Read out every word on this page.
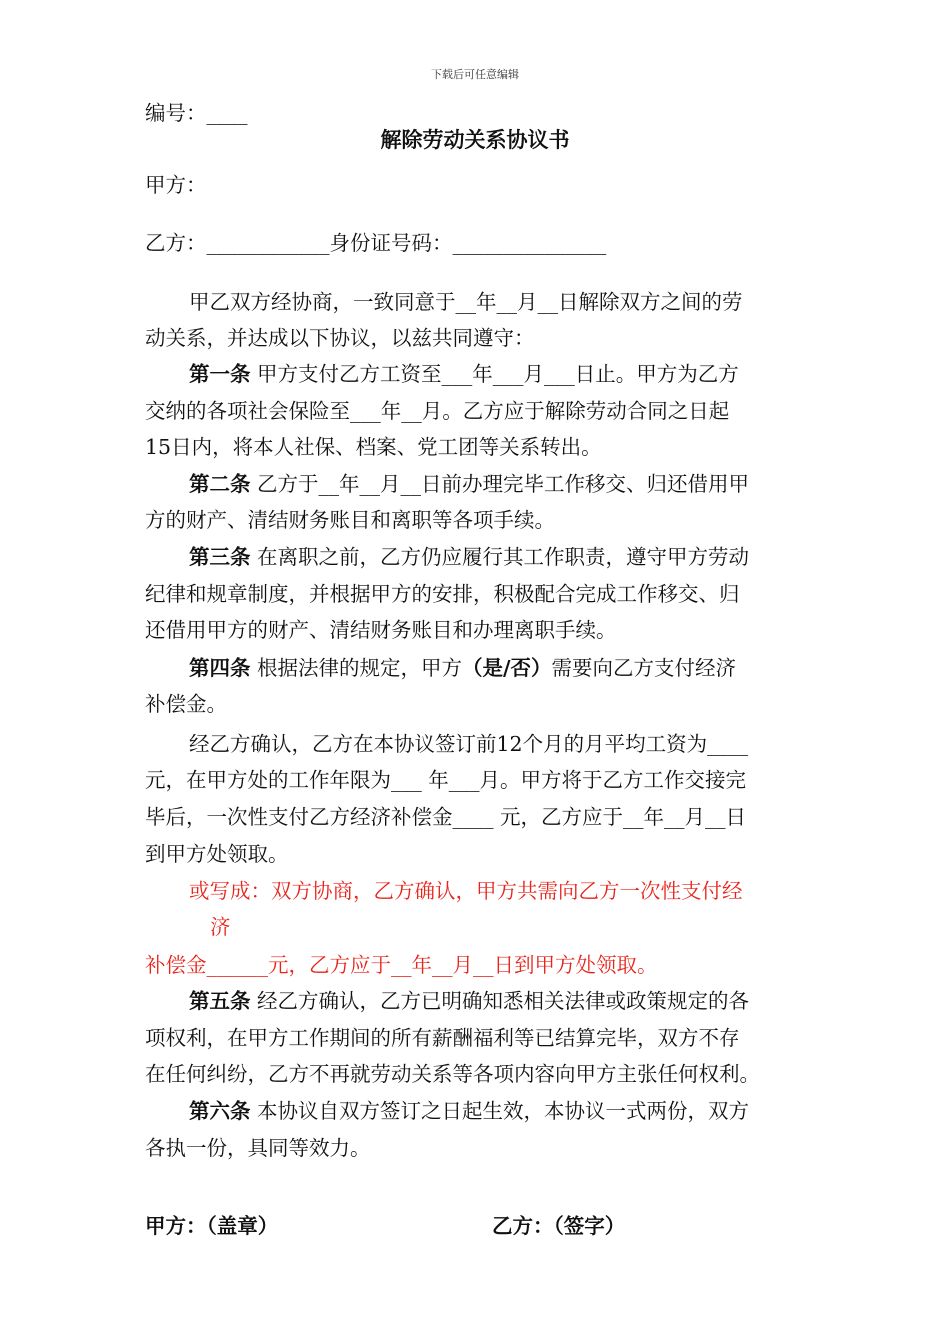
下载后可任意编辑
编号：____
解除劳动关系协议书
甲方：
乙方：____________身份证号码：_______________
甲乙双方经协商，一致同意于__年__月__日解除双方之间的劳
动关系，并达成以下协议，以兹共同遵守：
第一条 甲方支付乙方工资至___年___月___日止。甲方为乙方
交纳的各项社会保险至___年__月。乙方应于解除劳动合同之日起
15日内，将本人社保、档案、党工团等关系转出。
第二条 乙方于__年__月__日前办理完毕工作移交、归还借用甲
方的财产、清结财务账目和离职等各项手续。
第三条 在离职之前，乙方仍应履行其工作职责，遵守甲方劳动
纪律和规章制度，并根据甲方的安排，积极配合完成工作移交、归
还借用甲方的财产、清结财务账目和办理离职手续。
第四条 根据法律的规定，甲方（是/否）需要向乙方支付经济
补偿金。
经乙方确认，乙方在本协议签订前12个月的月平均工资为____
元，在甲方处的工作年限为___ 年___月。甲方将于乙方工作交接完
毕后，一次性支付乙方经济补偿金____ 元，乙方应于__年__月__日
到甲方处领取。
或写成：双方协商，乙方确认，甲方共需向乙方一次性支付经
济
补偿金______元，乙方应于__年__月__日到甲方处领取。
第五条 经乙方确认，乙方已明确知悉相关法律或政策规定的各
项权利，在甲方工作期间的所有薪酬福利等已结算完毕，双方不存
在任何纠纷，乙方不再就劳动关系等各项内容向甲方主张任何权利。
第六条 本协议自双方签订之日起生效，本协议一式两份，双方
各执一份，具同等效力。
甲方：（盖章）	乙方：（签字）
